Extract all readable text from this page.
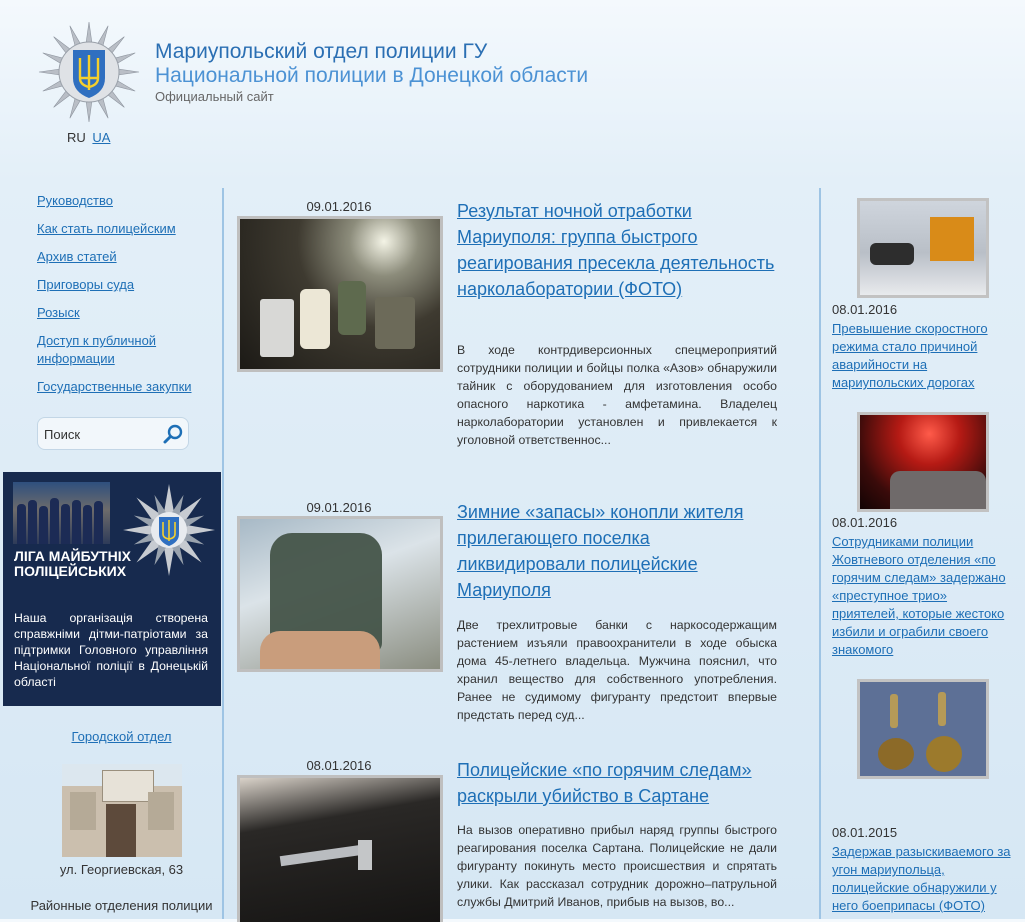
Мариупольский отдел полиции ГУ
Национальной полиции в Донецкой области
Официальный сайт
RU UA
Руководство
Как стать полицейским
Архив статей
Приговоры суда
Розыск
Доступ к публичной информации
Государственные закупки
Поиск
ЛІГА МАЙБУТНІХ ПОЛІЦЕЙСЬКИХ
Наша організація створена справжніми дітми-патріотами за підтримки Головного управління Національної поліції в Донецькій області
Городской отдел
ул. Георгиевская, 63
Районные отделения полиции
09.01.2016	Результат ночной отработки Мариуполя: группа быстрого реагирования пресекла деятельность нарколаборатории (ФОТО)
В ходе контрдиверсионных спецмероприятий сотрудники полиции и бойцы полка «Азов» обнаружили тайник с оборудованием для изготовления особо опасного наркотика - амфетамина. Владелец нарколаборатории установлен и привлекается к уголовной ответственнос...
09.01.2016	Зимние «запасы» конопли жителя прилегающего поселка ликвидировали полицейские Мариуполя
Две трехлитровые банки с наркосодержащим растением изъяли правоохранители в ходе обыска дома 45-летнего владельца. Мужчина пояснил, что хранил вещество для собственного употребления. Ранее не судимому фигуранту предстоит впервые предстать перед суд...
08.01.2016	Полицейские «по горячим следам» раскрыли убийство в Сартане
На вызов оперативно прибыл наряд группы быстрого реагирования поселка Сартана. Полицейские не дали фигуранту покинуть место происшествия и спрятать улики. Как рассказал сотрудник дорожно–патрульной службы Дмитрий Иванов, прибыв на вызов, во...
08.01.2016
Превышение скоростного режима стало причиной аварийности на мариупольских дорогах
08.01.2016
Сотрудниками полиции Жовтневого отделения «по горячим следам» задержано «преступное трио» приятелей, которые жестоко избили и ограбили своего знакомого
08.01.2015
Задержав разыскиваемого за угон мариупольца, полицейские обнаружили у него боеприпасы (ФОТО)
